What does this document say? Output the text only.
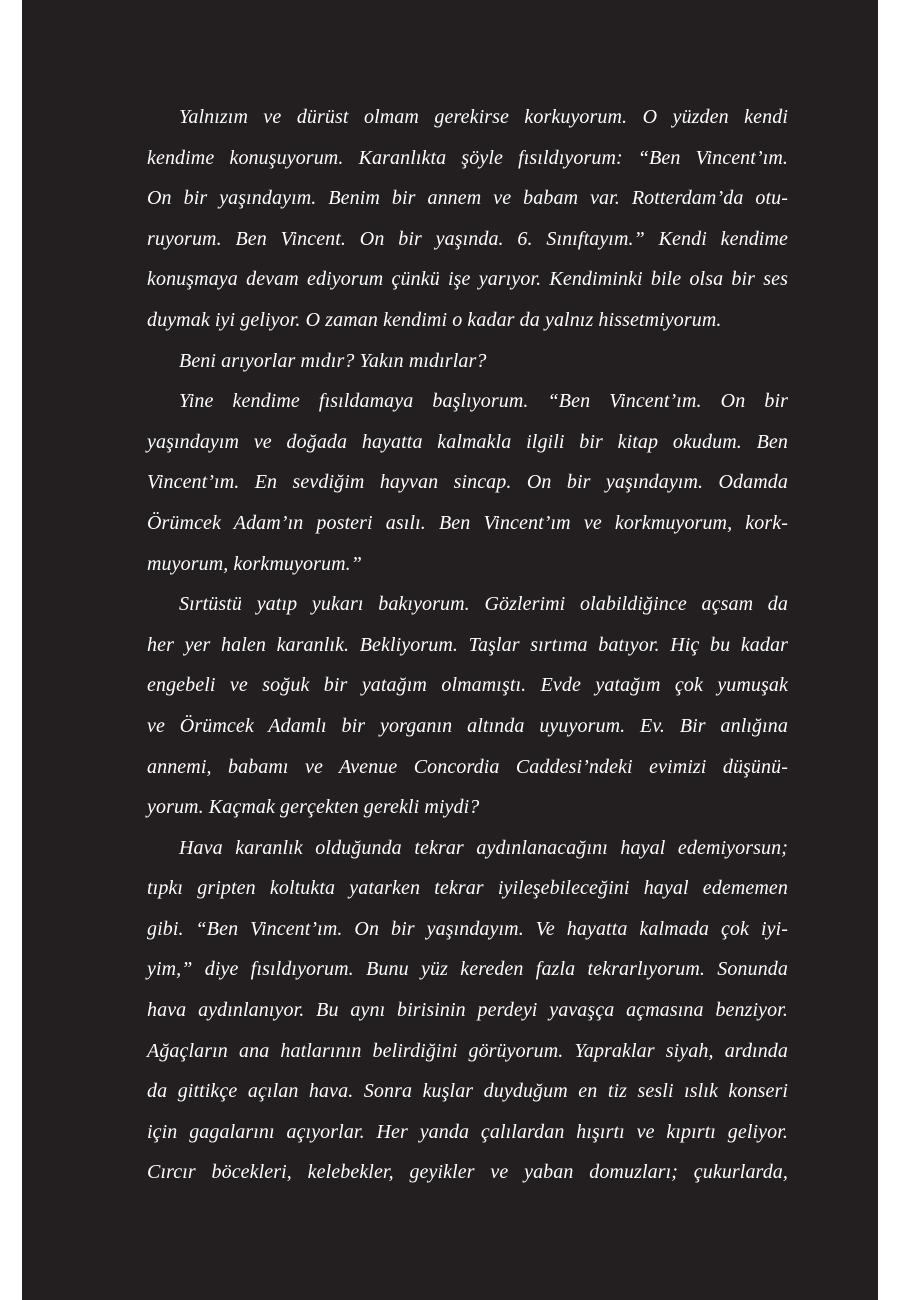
Yalnızım ve dürüst olmam gerekirse korkuyorum. O yüzden kendi
kendime konuşuyorum. Karanlıkta şöyle fısıldıyorum: “Ben Vincent’ım.
On bir yaşındayım. Benim bir annem ve babam var. Rotterdam’da otu-
ruyorum. Ben Vincent. On bir yaşında. 6. Sınıftayım.” Kendi kendime
konuşmaya devam ediyorum çünkü işe yarıyor. Kendiminki bile olsa bir ses
duymak iyi geliyor. O zaman kendimi o kadar da yalnız hissetmiyorum.
Beni arıyorlar mıdır? Yakın mıdırlar?
Yine kendime fısıldamaya başlıyorum. “Ben Vincent’ım. On bir
yaşındayım ve doğada hayatta kalmakla ilgili bir kitap okudum. Ben
Vincent’ım. En sevdiğim hayvan sincap. On bir yaşındayım. Odamda
Örümcek Adam’ın posteri asılı. Ben Vincent’ım ve korkmuyorum, kork-
muyorum, korkmuyorum.”
Sırtüstü yatıp yukarı bakıyorum. Gözlerimi olabildiğince açsam da
her yer halen karanlık. Bekliyorum. Taşlar sırtıma batıyor. Hiç bu kadar
engebeli ve soğuk bir yatağım olmamıştı. Evde yatağım çok yumuşak
ve Örümcek Adamlı bir yorganın altında uyuyorum. Ev. Bir anlığına
annemi, babamı ve Avenue Concordia Caddesi’ndeki evimizi düşünü-
yorum. Kaçmak gerçekten gerekli miydi?
Hava karanlık olduğunda tekrar aydınlanacağını hayal edemiyorsun;
tıpkı gripten koltukta yatarken tekrar iyileşebileceğini hayal edememen
gibi. “Ben Vincent’ım. On bir yaşındayım. Ve hayatta kalmada çok iyi-
yim,” diye fısıldıyorum. Bunu yüz kereden fazla tekrarlıyorum. Sonunda
hava aydınlanıyor. Bu aynı birisinin perdeyi yavaşça açmasına benziyor.
Ağaçların ana hatlarının belirdiğini görüyorum. Yapraklar siyah, ardında
da gittikçe açılan hava. Sonra kuşlar duyduğum en tiz sesli ıslık konseri
için gagalarını açıyorlar. Her yanda çalılardan hışırtı ve kıpırtı geliyor.
Cırcır böcekleri, kelebekler, geyikler ve yaban domuzları; çukurlarda,
